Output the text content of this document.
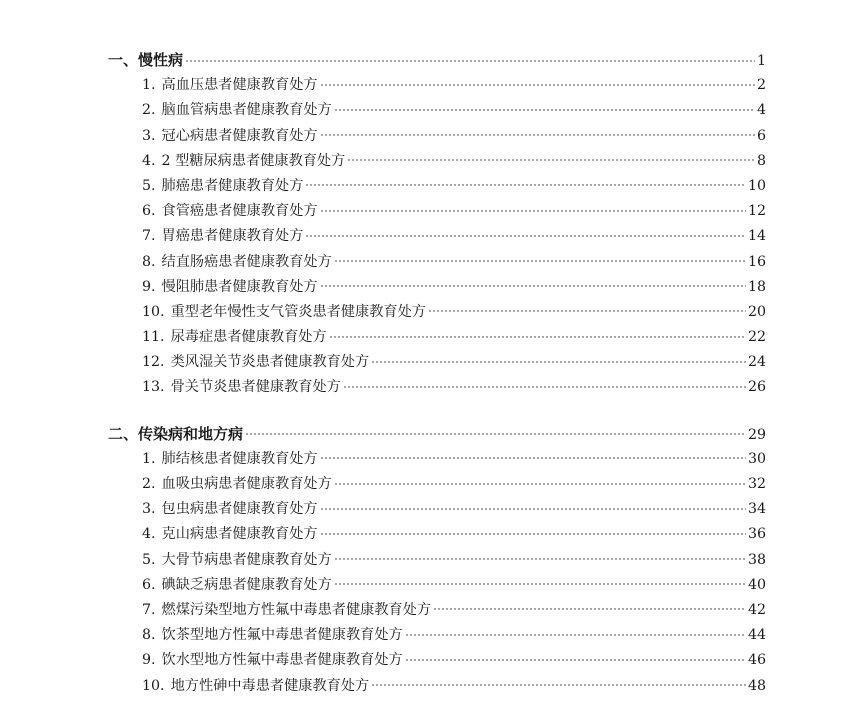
一、慢性病	1
1. 高血压患者健康教育处方	2
2. 脑血管病患者健康教育处方	4
3. 冠心病患者健康教育处方	6
4. 2 型糖尿病患者健康教育处方	8
5. 肺癌患者健康教育处方	10
6. 食管癌患者健康教育处方	12
7. 胃癌患者健康教育处方	14
8. 结直肠癌患者健康教育处方	16
9. 慢阻肺患者健康教育处方	18
10. 重型老年慢性支气管炎患者健康教育处方	20
11. 尿毒症患者健康教育处方	22
12. 类风湿关节炎患者健康教育处方	24
13. 骨关节炎患者健康教育处方	26
二、传染病和地方病	29
1. 肺结核患者健康教育处方	30
2. 血吸虫病患者健康教育处方	32
3. 包虫病患者健康教育处方	34
4. 克山病患者健康教育处方	36
5. 大骨节病患者健康教育处方	38
6. 碘缺乏病患者健康教育处方	40
7. 燃煤污染型地方性氟中毒患者健康教育处方	42
8. 饮茶型地方性氟中毒患者健康教育处方	44
9. 饮水型地方性氟中毒患者健康教育处方	46
10. 地方性砷中毒患者健康教育处方	48
